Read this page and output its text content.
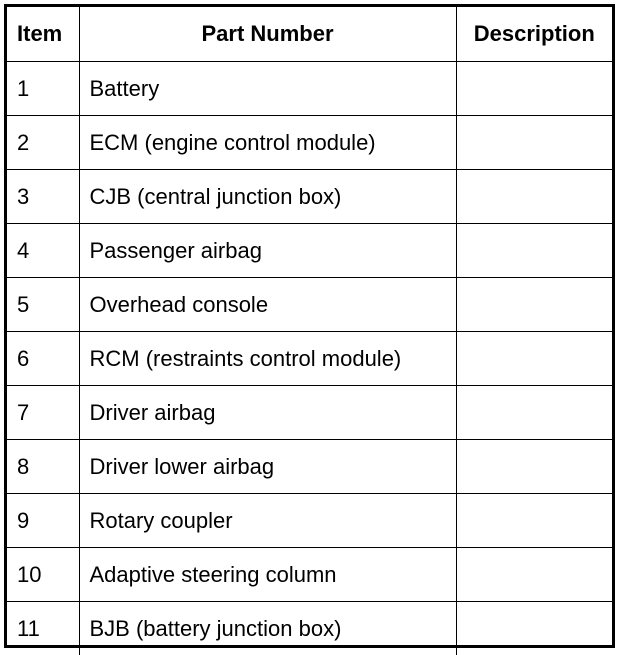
Item	Part Number	Description
1	Battery	
2	ECM (engine control module)	
3	CJB (central junction box)	
4	Passenger airbag	
5	Overhead console	
6	RCM (restraints control module)	
7	Driver airbag	
8	Driver lower airbag	
9	Rotary coupler	
10	Adaptive steering column	
11	BJB (battery junction box)	
